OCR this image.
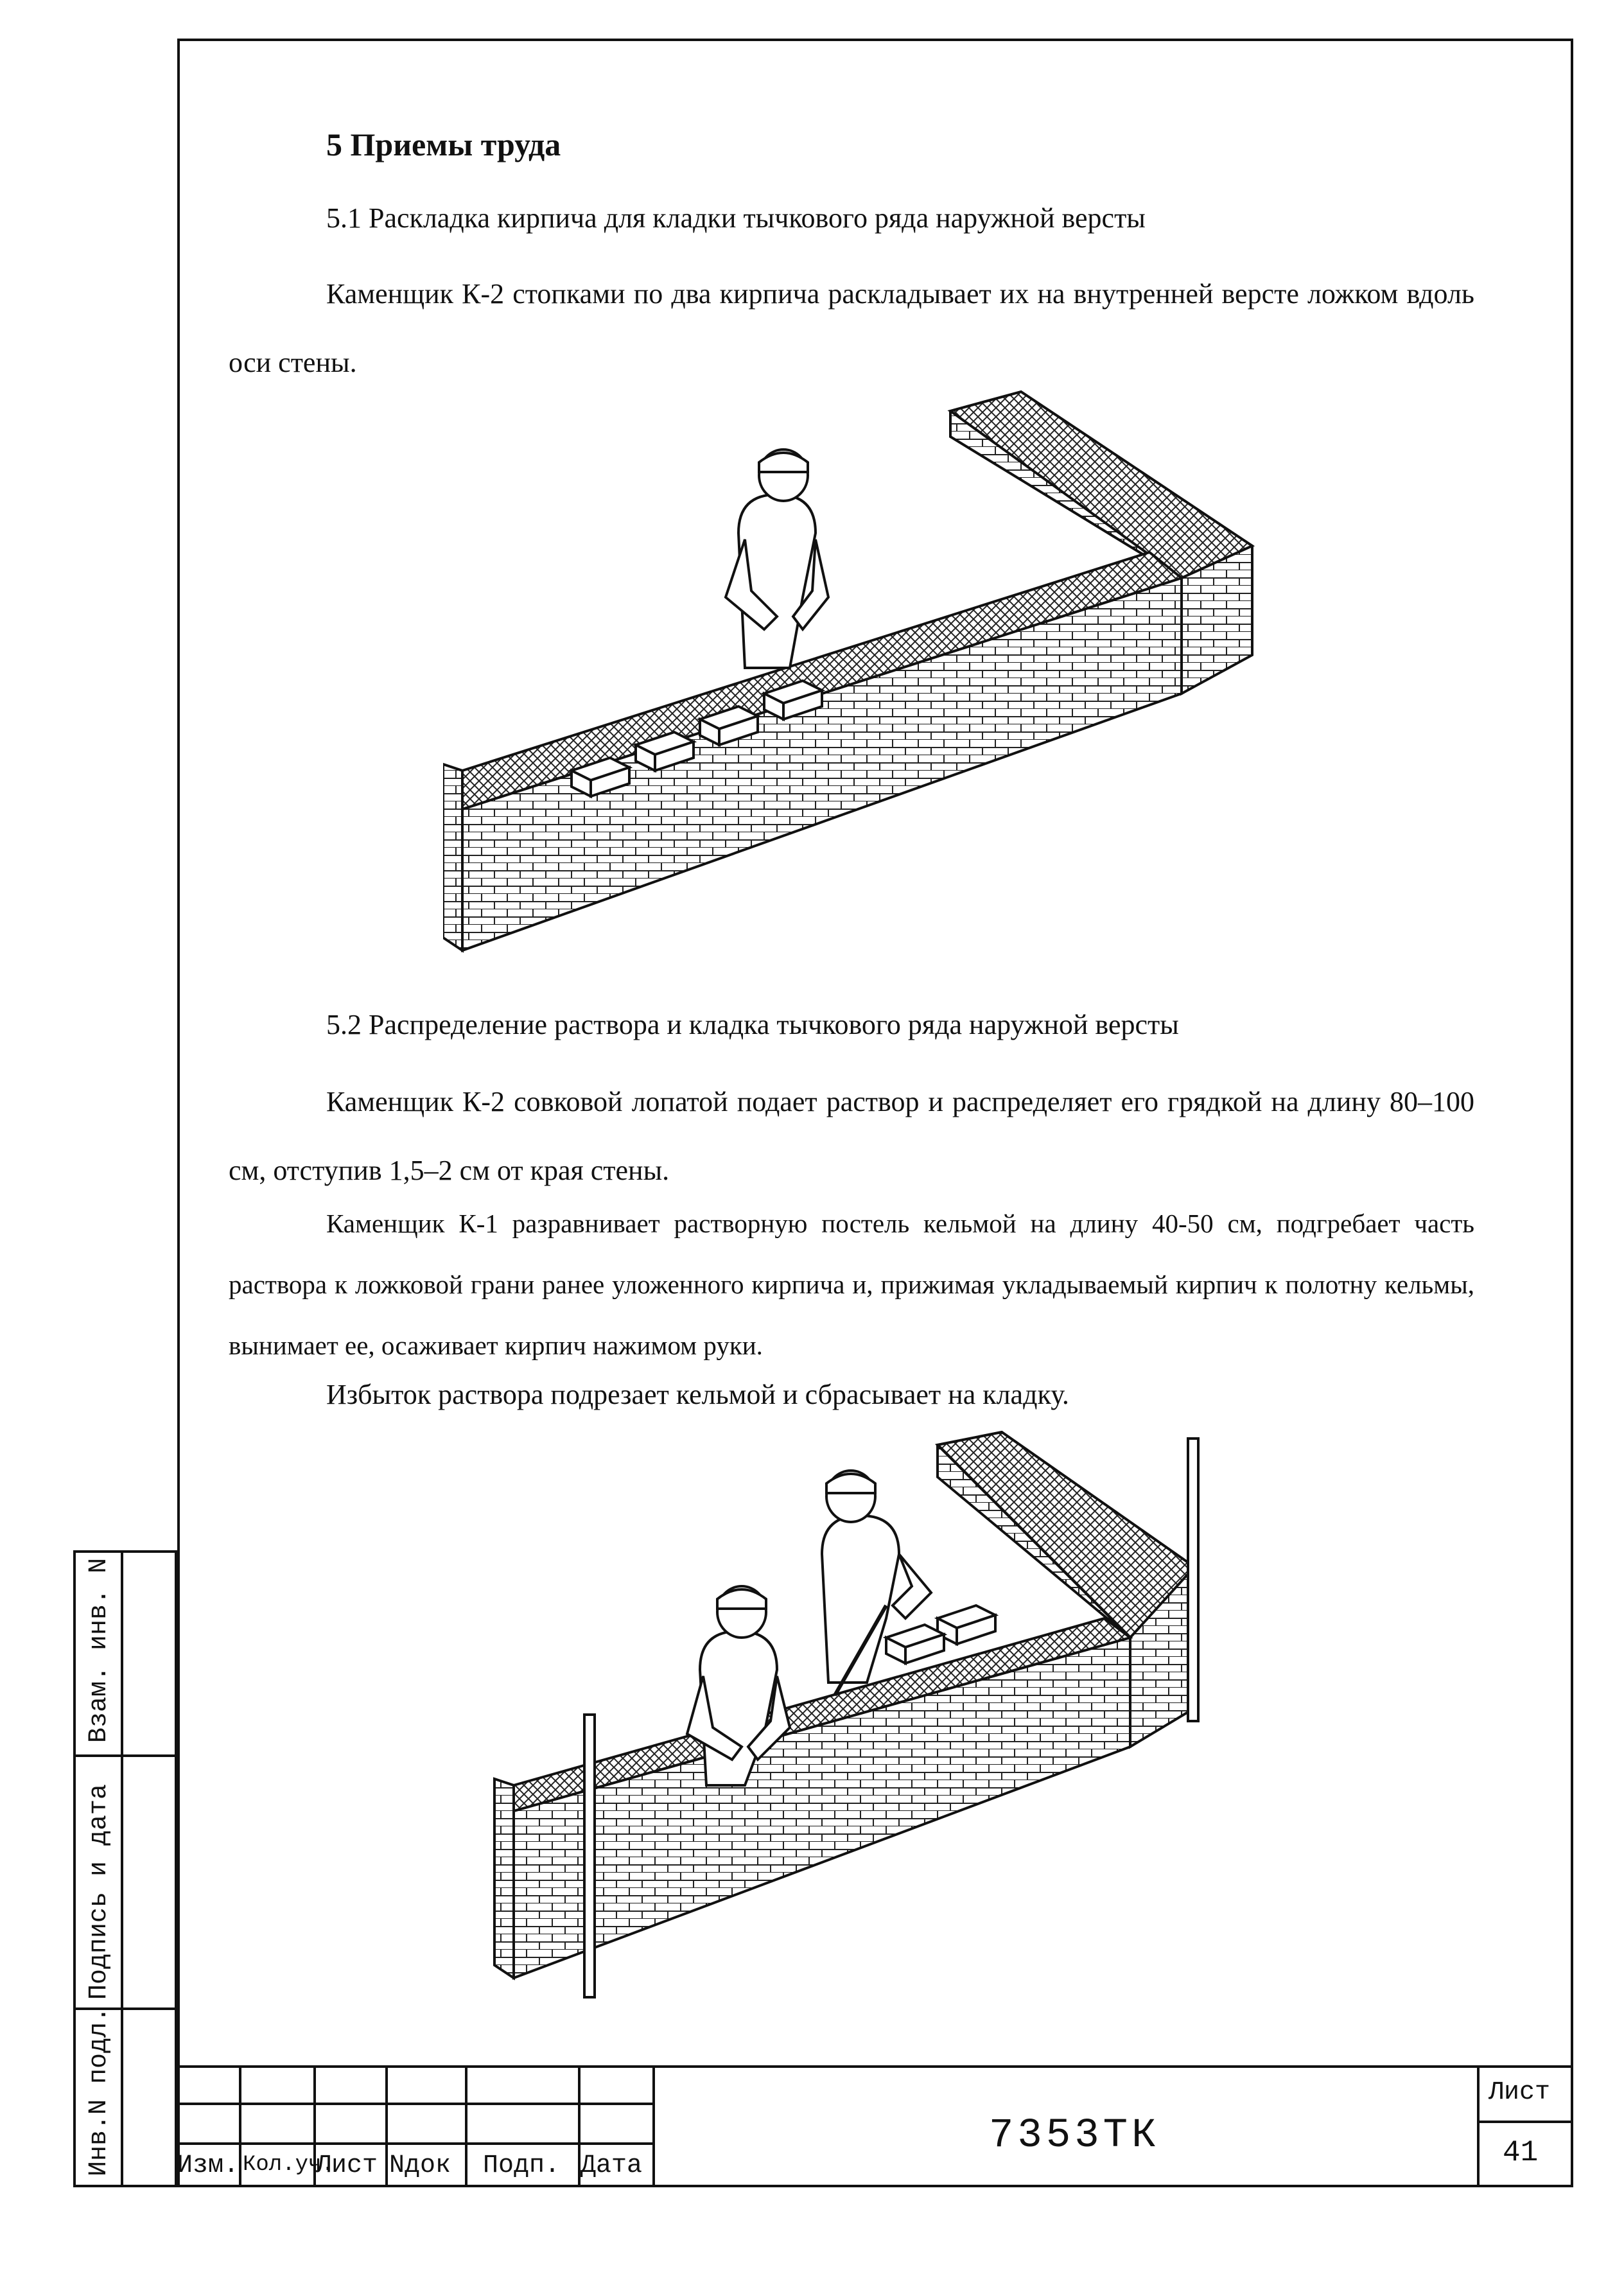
5 Приемы труда
5.1 Раскладка кирпича для кладки тычкового ряда наружной версты
Каменщик К-2 стопками по два кирпича раскладывает их на внутренней версте ложком вдоль оси стены.
5.2 Распределение раствора и кладка тычкового ряда наружной версты
Каменщик К-2 совковой лопатой подает раствор и распределяет его грядкой на длину 80–100 см, отступив 1,5–2 см от края стены.
Каменщик К-1 разравнивает растворную постель кельмой на длину 40-50 см, подгребает часть раствора к ложковой грани ранее уложенного кирпича и, прижимая укладываемый кирпич к полотну кельмы, вынимает ее, осаживает кирпич нажимом руки.
Избыток раствора подрезает кельмой и сбрасывает на кладку.
Взам. инв. N
Подпись и дата
Инв.N подл. Изм. Кол.уч.
Лист Nдок Подп. Дата
7353ТК
Лист
41
